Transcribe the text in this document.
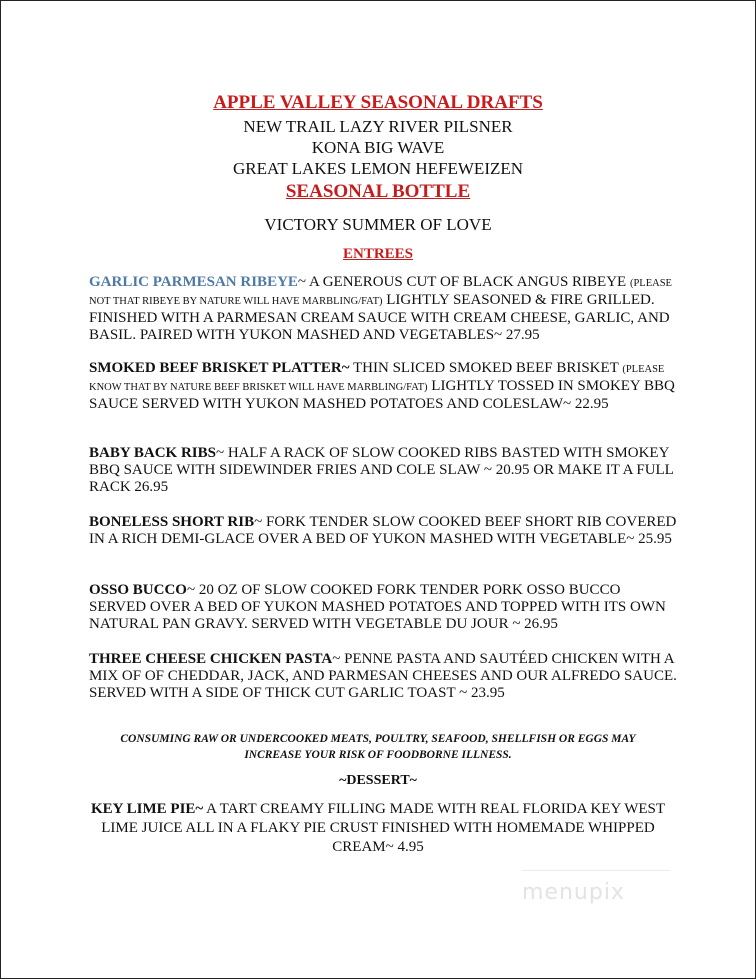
APPLE VALLEY SEASONAL DRAFTS
NEW TRAIL LAZY RIVER PILSNER
KONA BIG WAVE
GREAT LAKES LEMON HEFEWEIZEN
SEASONAL BOTTLE
VICTORY SUMMER OF LOVE
ENTREES
GARLIC PARMESAN RIBEYE~ A GENEROUS CUT OF BLACK ANGUS RIBEYE (PLEASE NOT THAT RIBEYE BY NATURE WILL HAVE MARBLING/FAT) LIGHTLY SEASONED & FIRE GRILLED. FINISHED WITH A PARMESAN CREAM SAUCE WITH CREAM CHEESE, GARLIC, AND BASIL. PAIRED WITH YUKON MASHED AND VEGETABLES~ 27.95
SMOKED BEEF BRISKET PLATTER~ THIN SLICED SMOKED BEEF BRISKET (PLEASE KNOW THAT BY NATURE BEEF BRISKET WILL HAVE MARBLING/FAT) LIGHTLY TOSSED IN SMOKEY BBQ SAUCE SERVED WITH YUKON MASHED POTATOES AND COLESLAW~ 22.95
BABY BACK RIBS~ HALF A RACK OF SLOW COOKED RIBS BASTED WITH SMOKEY BBQ SAUCE WITH SIDEWINDER FRIES AND COLE SLAW ~ 20.95 OR MAKE IT A FULL RACK 26.95
BONELESS SHORT RIB~ FORK TENDER SLOW COOKED BEEF SHORT RIB COVERED IN A RICH DEMI-GLACE OVER A BED OF YUKON MASHED WITH VEGETABLE~ 25.95
OSSO BUCCO~ 20 OZ OF SLOW COOKED FORK TENDER PORK OSSO BUCCO SERVED OVER A BED OF YUKON MASHED POTATOES AND TOPPED WITH ITS OWN NATURAL PAN GRAVY. SERVED WITH VEGETABLE DU JOUR ~ 26.95
THREE CHEESE CHICKEN PASTA~ PENNE PASTA AND SAUTÉED CHICKEN WITH A MIX OF OF CHEDDAR, JACK, AND PARMESAN CHEESES AND OUR ALFREDO SAUCE. SERVED WITH A SIDE OF THICK CUT GARLIC TOAST ~ 23.95
CONSUMING RAW OR UNDERCOOKED MEATS, POULTRY, SEAFOOD, SHELLFISH OR EGGS MAY
INCREASE YOUR RISK OF FOODBORNE ILLNESS.
~DESSERT~
KEY LIME PIE~ A TART CREAMY FILLING MADE WITH REAL FLORIDA KEY WEST LIME JUICE ALL IN A FLAKY PIE CRUST FINISHED WITH HOMEMADE WHIPPED CREAM~ 4.95
menupix
